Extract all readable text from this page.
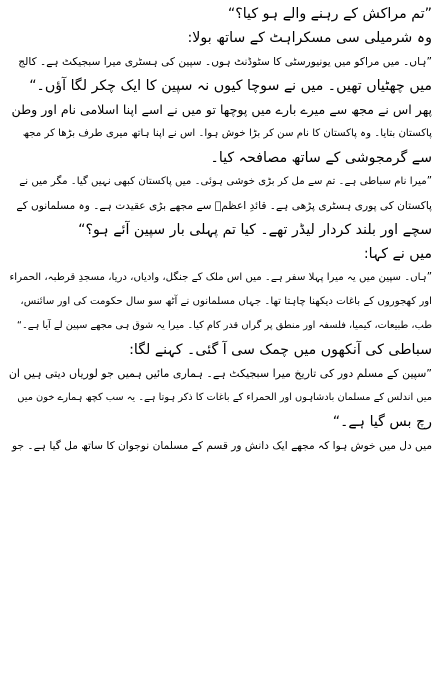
”تم مراکش کے رہنے والے ہو کیا؟“
وہ شرمیلی سی مسکراہٹ کے ساتھ بولا:
”ہاں۔ میں مراکو میں یونیورسٹی کا سٹوڈنٹ ہوں۔ سپین کی ہسٹری میرا سبجیکٹ ہے۔ کالج
میں چھٹیاں تھیں۔ میں نے سوچا کیوں نہ سپین کا ایک چکر لگا آؤں۔“
پھر اس نے مجھ سے میرے بارے میں پوچھا تو میں نے اسے اپنا اسلامی نام اور وطن
پاکستان بتایا۔ وہ پاکستان کا نام سن کر بڑا خوش ہوا۔ اس نے اپنا ہاتھ میری طرف بڑھا کر مجھ
سے گرمجوشی کے ساتھ مصافحہ کیا۔
”میرا نام سباطی ہے۔ تم سے مل کر بڑی خوشی ہوئی۔ میں پاکستان کبھی نہیں گیا۔ مگر میں نے
پاکستان کی پوری ہسٹری پڑھی ہے۔ قائدِ اعظمؒ سے مجھے بڑی عقیدت ہے۔ وہ مسلمانوں کے
سچے اور بلند کردار لیڈر تھے۔ کیا تم پہلی بار سپین آئے ہو؟“
میں نے کہا:
”ہاں۔ سپین میں یہ میرا پہلا سفر ہے۔ میں اس ملک کے جنگل، وادیاں، دریا، مسجدِ قرطبہ، الحمراء
اور کھجوروں کے باغات دیکھنا چاہتا تھا۔ جہاں مسلمانوں نے آٹھ سو سال حکومت کی اور سائنس،
طب، طبیعات، کیمیا، فلسفہ اور منطق پر گراں قدر کام کیا۔ میرا یہ شوق ہی مجھے سپین لے آیا ہے۔“
سباطی کی آنکھوں میں چمک سی آ گئی۔ کہنے لگا:
”سپین کے مسلم دور کی تاریخ میرا سبجیکٹ ہے۔ ہماری مائیں ہمیں جو لوریاں دیتی ہیں ان
میں اندلس کے مسلمان بادشاہوں اور الحمراء کے باغات کا ذکر ہوتا ہے۔ یہ سب کچھ ہمارے خون میں
رچ بس گیا ہے۔“
میں دل میں خوش ہوا کہ مجھے ایک دانش ور قسم کے مسلمان نوجوان کا ساتھ مل گیا ہے۔ جو
